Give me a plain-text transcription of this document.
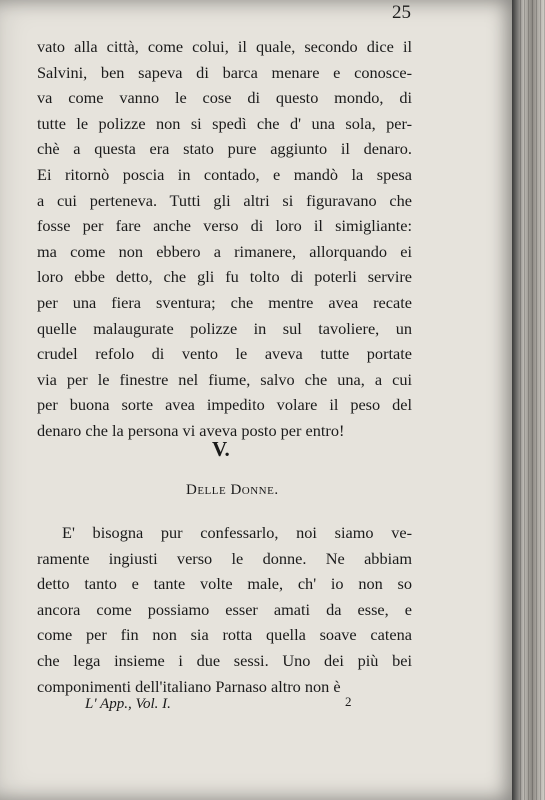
25
vato alla città, come colui, il quale, secondo dice il
Salvini, ben sapeva di barca menare e conosce-
va come vanno le cose di questo mondo, di
tutte le polizze non si spedì che d' una sola, per-
chè a questa era stato pure aggiunto il denaro.
Ei ritornò poscia in contado, e mandò la spesa
a cui perteneva. Tutti gli altri si figuravano che
fosse per fare anche verso di loro il simigliante:
ma come non ebbero a rimanere, allorquando ei
loro ebbe detto, che gli fu tolto di poterli servire
per una fiera sventura; che mentre avea recate
quelle malaugurate polizze in sul tavoliere, un
crudel refolo di vento le aveva tutte portate
via per le finestre nel fiume, salvo che una, a cui
per buona sorte avea impedito volare il peso del
denaro che la persona vi aveva posto per entro!
V.
Delle Donne.
E' bisogna pur confessarlo, noi siamo ve-
ramente ingiusti verso le donne. Ne abbiam
detto tanto e tante volte male, ch' io non so
ancora come possiamo esser amati da esse, e
come per fin non sia rotta quella soave catena
che lega insieme i due sessi. Uno dei più bei
componimenti dell'italiano Parnaso altro non è
L' App., Vol. I.	2
